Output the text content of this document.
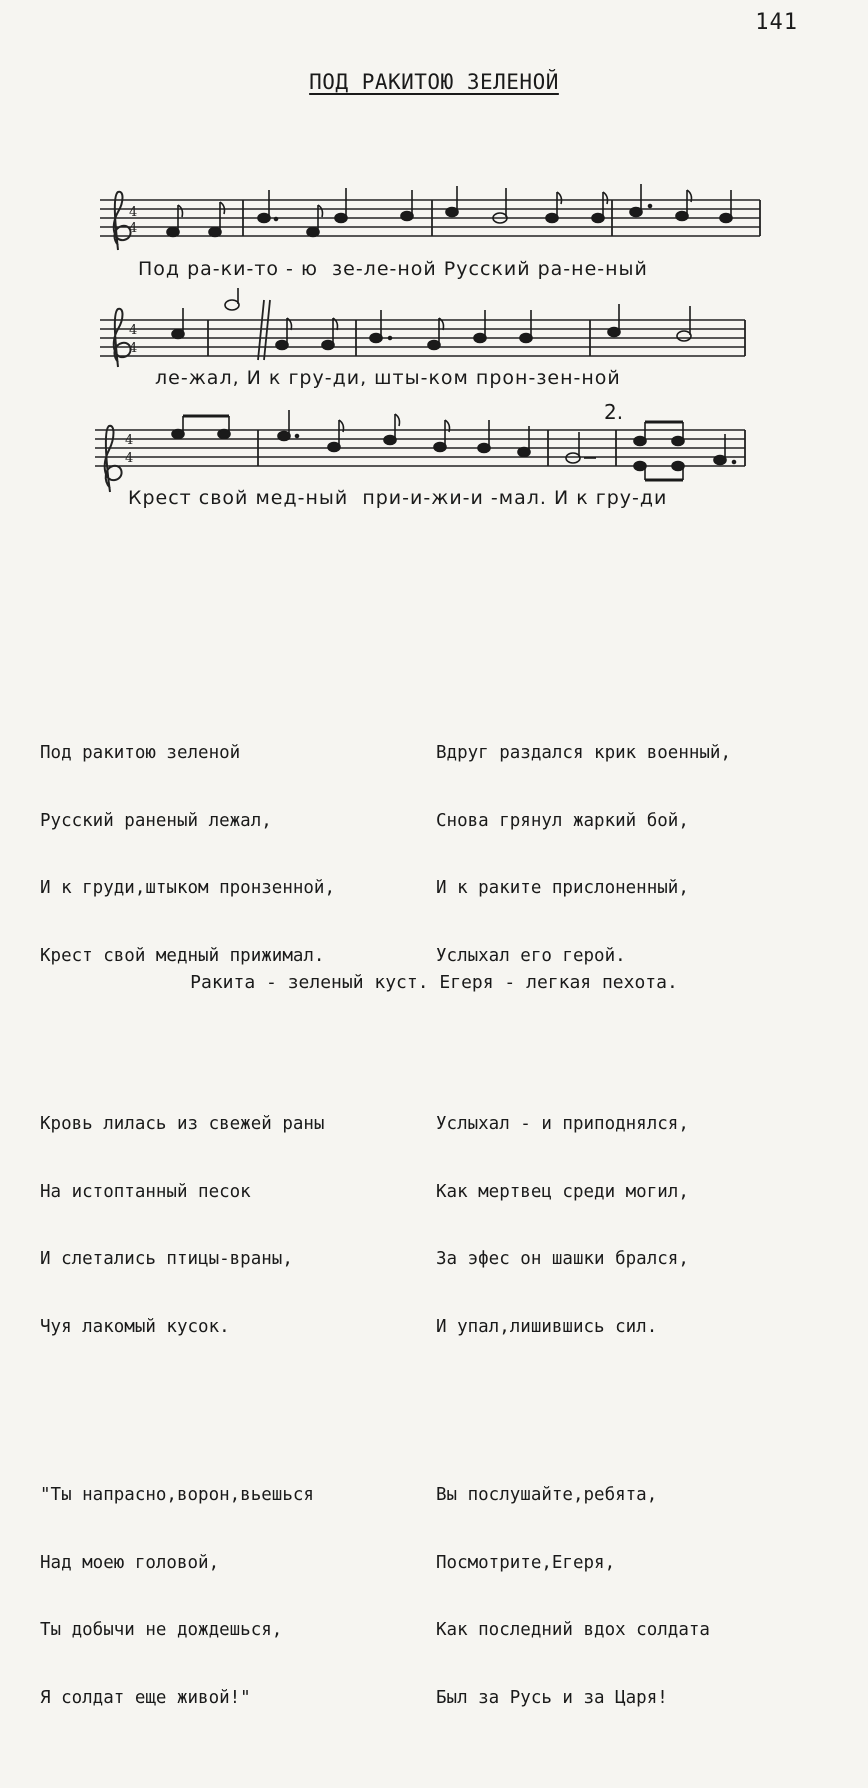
141
ПОД РАКИТОЮ ЗЕЛЕНОЙ
4
4
4
4
4
4
2.
Под ра-ки-то - ю  зе-ле-ной Русский ра-не-ный
ле-жал, И к гру-ди, шты-ком прон-зен-ной
Крест свой мед-ный  при-и-жи-и -мал. И к гру-ди

Под ракитою зеленой

Русский раненый лежал,

И к груди,штыком пронзенной,

Крест свой медный прижимал.

Кровь лилась из свежей раны

На истоптанный песок

И слетались птицы-враны,

Чуя лакомый кусок.

"Ты напрасно,ворон,вьешься

Над моею головой,

Ты добычи не дождешься,

Я солдат еще живой!"

Вдруг раздался крик военный,

Снова грянул жаркий бой,

И к раките прислоненный,

Услыхал его герой.

Услыхал - и приподнялся,

Как мертвец среди могил,

За эфес он шашки брался,

И упал,лишившись сил.

Вы послушайте,ребята,

Посмотрите,Егеря,

Как последний вдох солдата

Был за Русь и за Царя!

Ракита - зеленый куст. Егеря - легкая пехота.
